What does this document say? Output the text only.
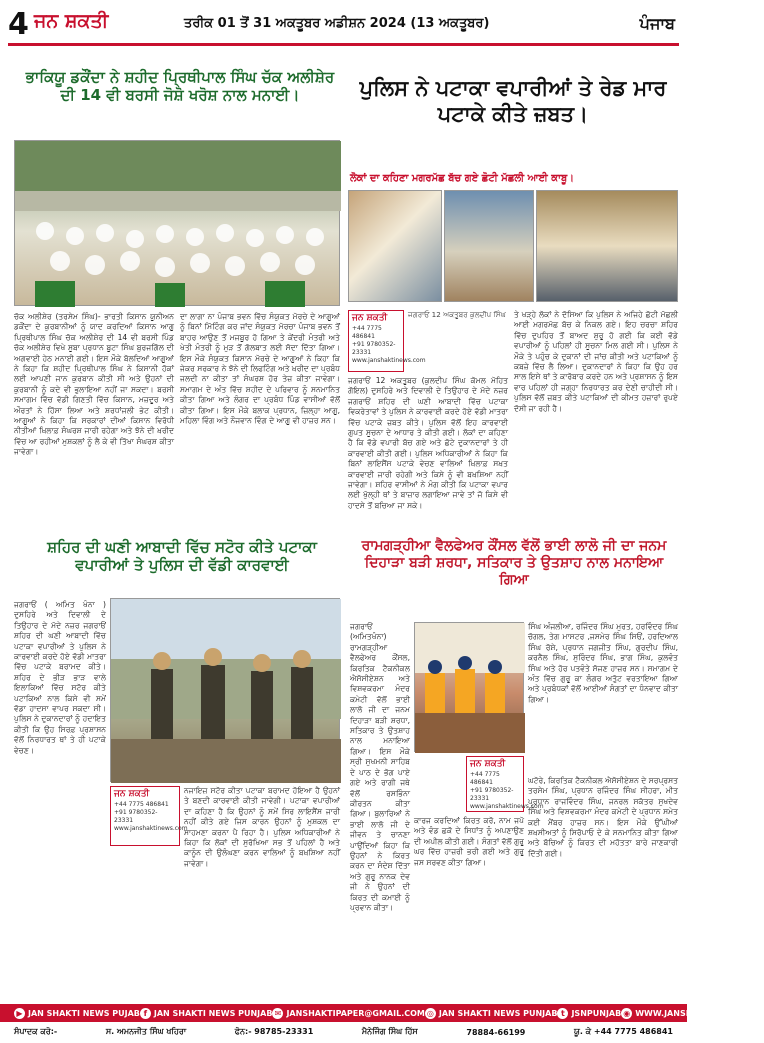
4 ਜਨ ਸ਼ਕਤੀ	ਤਰੀਕ 01 ਤੋਂ 31 ਅਕਤੂਬਰ ਅਡੀਸ਼ਨ 2024 (13 ਅਕਤੂਬਰ)	ਪੰਜਾਬ
ਭਾਕਿਯੂ ਡਕੌਂਦਾ ਨੇ ਸ਼ਹੀਦ ਪ੍ਰਿਥੀਪਾਲ ਸਿੰਘ ਚੱਕ ਅਲੀਸ਼ੇਰ ਦੀ 14 ਵੀ ਬਰਸੀ ਜੋਸ਼ੋ ਖਰੋਸ਼ ਨਾਲ ਮਨਾਈ।
ਚੱਕ ਅਲੀਸ਼ੇਰ (ਤਰਸੇਮ ਸਿੰਘ)- ਭਾਰਤੀ ਕਿਸਾਨ ਯੂਨੀਅਨ ਡਕੌਂਦਾ ਦੇ ਕੁਰਬਾਨੀਆਂ ਨੂੰ ਯਾਦ ਕਰਦਿਆਂ ਕਿਸਾਨ ਆਗੂ ਪ੍ਰਿਥੀਪਾਲ ਸਿੰਘ ਚੱਕ ਅਲੀਸ਼ੇਰ ਦੀ 14 ਵੀ ਬਰਸੀ ਪਿੰਡ ਚੱਕ ਅਲੀਸ਼ੇਰ ਵਿਖੇ ਸੂਬਾ ਪ੍ਰਧਾਨ ਬੂਟਾ ਸਿੰਘ ਬੁਰਜਗਿੱਲ ਦੀ ਅਗਵਾਈ ਹੇਠ ਮਨਾਈ ਗਈ। ਇਸ ਮੌਕੇ ਬੋਲਦਿਆਂ ਆਗੂਆਂ ਨੇ ਕਿਹਾ ਕਿ ਸ਼ਹੀਦ ਪ੍ਰਿਥੀਪਾਲ ਸਿੰਘ ਨੇ ਕਿਸਾਨੀ ਹੱਕਾਂ ਲਈ ਆਪਣੀ ਜਾਨ ਕੁਰਬਾਨ ਕੀਤੀ ਸੀ ਅਤੇ ਉਹਨਾਂ ਦੀ ਕੁਰਬਾਨੀ ਨੂੰ ਕਦੇ ਵੀ ਭੁਲਾਇਆ ਨਹੀਂ ਜਾ ਸਕਦਾ। ਬਰਸੀ ਸਮਾਗਮ ਵਿੱਚ ਵੱਡੀ ਗਿਣਤੀ ਵਿੱਚ ਕਿਸਾਨ, ਮਜ਼ਦੂਰ ਅਤੇ ਔਰਤਾਂ ਨੇ ਹਿੱਸਾ ਲਿਆ ਅਤੇ ਸ਼ਰਧਾਂਜਲੀ ਭੇਟ ਕੀਤੀ। ਆਗੂਆਂ ਨੇ ਕਿਹਾ ਕਿ ਸਰਕਾਰਾਂ ਦੀਆਂ ਕਿਸਾਨ ਵਿਰੋਧੀ ਨੀਤੀਆਂ ਖ਼ਿਲਾਫ਼ ਸੰਘਰਸ਼ ਜਾਰੀ ਰਹੇਗਾ ਅਤੇ ਝੋਨੇ ਦੀ ਖ਼ਰੀਦ ਵਿੱਚ ਆ ਰਹੀਆਂ ਮੁਸ਼ਕਲਾਂ ਨੂੰ ਲੈ ਕੇ ਵੀ ਤਿੱਖਾ ਸੰਘਰਸ਼ ਕੀਤਾ ਜਾਵੇਗਾ।
ਦਾ ਲਾਗਾ ਨਾ ਪੰਜਾਬ ਭਵਨ ਵਿੱਚ ਸੰਯੁਕਤ ਮੋਰਚੇ ਦੇ ਆਗੂਆਂ ਨੂੰ ਬਿਨਾਂ ਮਿੱਟਿੰਗ ਕਰ ਜਾਂਦ ਸੰਯੁਕਤ ਮੋਰਚਾ ਪੰਜਾਬ ਭਵਨ ਤੋਂ ਬਾਹਰ ਆਉਣ ਤੋਂ ਮਜਬੂਰ ਹੋ ਗਿਆ ਤੇ ਕੇਂਦਰੀ ਮੰਤਰੀ ਅਤੇ ਖੇਤੀ ਮੰਤਰੀ ਨੂੰ ਮੁੜ ਤੋਂ ਗੱਲਬਾਤ ਲਈ ਸੱਦਾ ਦਿੱਤਾ ਗਿਆ। ਇਸ ਮੌਕੇ ਸੰਯੁਕਤ ਕਿਸਾਨ ਮੋਰਚੇ ਦੇ ਆਗੂਆਂ ਨੇ ਕਿਹਾ ਕਿ ਜੇਕਰ ਸਰਕਾਰ ਨੇ ਝੋਨੇ ਦੀ ਲਿਫਟਿੰਗ ਅਤੇ ਖ਼ਰੀਦ ਦਾ ਪ੍ਰਬੰਧ ਜਲਦੀ ਨਾ ਕੀਤਾ ਤਾਂ ਸੰਘਰਸ਼ ਹੋਰ ਤੇਜ਼ ਕੀਤਾ ਜਾਵੇਗਾ। ਸਮਾਗਮ ਦੇ ਅੰਤ ਵਿੱਚ ਸ਼ਹੀਦ ਦੇ ਪਰਿਵਾਰ ਨੂੰ ਸਨਮਾਨਿਤ ਕੀਤਾ ਗਿਆ ਅਤੇ ਲੰਗਰ ਦਾ ਪ੍ਰਬੰਧ ਪਿੰਡ ਵਾਸੀਆਂ ਵੱਲੋਂ ਕੀਤਾ ਗਿਆ। ਇਸ ਮੌਕੇ ਬਲਾਕ ਪ੍ਰਧਾਨ, ਜ਼ਿਲ੍ਹਾ ਆਗੂ, ਮਹਿਲਾ ਵਿੰਗ ਅਤੇ ਨੌਜਵਾਨ ਵਿੰਗ ਦੇ ਆਗੂ ਵੀ ਹਾਜ਼ਰ ਸਨ।
ਪੁਲਿਸ ਨੇ ਪਟਾਕਾ ਵਪਾਰੀਆਂ ਤੇ ਰੇਡ ਮਾਰ ਪਟਾਕੇ ਕੀਤੇ ਜ਼ਬਤ।
ਲੋਕਾਂ ਦਾ ਕਹਿਣਾ ਮਗਰਮੱਛ ਬੱਚ ਗਏ ਛੋਟੀ ਮੱਛਲੀ ਆਈ ਕਾਬੂ।
ਜਨ ਸ਼ਕਤੀ
+44 7775 486841
+91 9780352-23331
www.janshaktinews.com
ਜਗਰਾਓਂ 12 ਅਕਤੂਬਰ (ਕੁਲਦੀਪ ਸਿੰਘ ਕੋਮਲ ਮੋਹਿਤ ਗੋਇਲ) ਦੁਸਹਿਰੇ ਅਤੇ ਦਿਵਾਲੀ ਦੇ ਤਿਉਹਾਰ ਦੇ ਮੱਦੇ ਨਜ਼ਰ ਜਗਰਾਓਂ ਸ਼ਹਿਰ ਦੀ ਘਣੀ ਆਬਾਦੀ ਵਿੱਚ ਪਟਾਕਾ ਵਿਕਰੇਤਾਵਾਂ ਤੇ ਪੁਲਿਸ ਨੇ ਕਾਰਵਾਈ ਕਰਦੇ ਹੋਏ ਵੱਡੀ ਮਾਤਰਾ ਵਿੱਚ ਪਟਾਕੇ ਜ਼ਬਤ ਕੀਤੇ। ਪੁਲਿਸ ਵੱਲੋਂ ਇਹ ਕਾਰਵਾਈ ਗੁਪਤ ਸੂਚਨਾ ਦੇ ਆਧਾਰ ਤੇ ਕੀਤੀ ਗਈ। ਲੋਕਾਂ ਦਾ ਕਹਿਣਾ ਹੈ ਕਿ ਵੱਡੇ ਵਪਾਰੀ ਬੱਚ ਗਏ ਅਤੇ ਛੋਟੇ ਦੁਕਾਨਦਾਰਾਂ ਤੇ ਹੀ ਕਾਰਵਾਈ ਕੀਤੀ ਗਈ। ਪੁਲਿਸ ਅਧਿਕਾਰੀਆਂ ਨੇ ਕਿਹਾ ਕਿ ਬਿਨਾਂ ਲਾਇਸੈਂਸ ਪਟਾਕੇ ਵੇਚਣ ਵਾਲਿਆਂ ਖ਼ਿਲਾਫ਼ ਸਖ਼ਤ ਕਾਰਵਾਈ ਜਾਰੀ ਰਹੇਗੀ ਅਤੇ ਕਿਸੇ ਨੂੰ ਵੀ ਬਖ਼ਸ਼ਿਆ ਨਹੀਂ ਜਾਵੇਗਾ। ਸ਼ਹਿਰ ਵਾਸੀਆਂ ਨੇ ਮੰਗ ਕੀਤੀ ਕਿ ਪਟਾਕਾ ਵਪਾਰ ਲਈ ਖੁੱਲ੍ਹੀ ਥਾਂ ਤੇ ਬਾਜ਼ਾਰ ਲਗਾਇਆ ਜਾਵੇ ਤਾਂ ਜੋ ਕਿਸੇ ਵੀ ਹਾਦਸੇ ਤੋਂ ਬਚਿਆ ਜਾ ਸਕੇ।
ਜਗਰਾਓਂ 12 ਅਕਤੂਬਰ ਕੁਲਦੀਪ ਸਿੰਘ ਤੇ ਖੜ੍ਹੇ ਲੋਕਾਂ ਨੇ ਦੱਸਿਆ ਕਿ ਪੁਲਿਸ ਨੇ ਅਜਿਹੇ ਛੋਟੀ ਮੱਛਲੀ ਆਈ ਮਗਰਮੱਛ ਬੱਚ ਕੇ ਨਿਕਲ ਗਏ। ਇਹ ਚਰਚਾ ਸ਼ਹਿਰ ਵਿੱਚ ਦੁਪਹਿਰ ਤੋਂ ਬਾਅਦ ਸ਼ੁਰੂ ਹੋ ਗਈ ਕਿ ਕਈ ਵੱਡੇ ਵਪਾਰੀਆਂ ਨੂੰ ਪਹਿਲਾਂ ਹੀ ਸੂਚਨਾ ਮਿਲ ਗਈ ਸੀ। ਪੁਲਿਸ ਨੇ ਮੌਕੇ ਤੇ ਪਹੁੰਚ ਕੇ ਦੁਕਾਨਾਂ ਦੀ ਜਾਂਚ ਕੀਤੀ ਅਤੇ ਪਟਾਕਿਆਂ ਨੂੰ ਕਬਜ਼ੇ ਵਿੱਚ ਲੈ ਲਿਆ। ਦੁਕਾਨਦਾਰਾਂ ਨੇ ਕਿਹਾ ਕਿ ਉਹ ਹਰ ਸਾਲ ਇਸੇ ਥਾਂ ਤੇ ਕਾਰੋਬਾਰ ਕਰਦੇ ਹਨ ਅਤੇ ਪ੍ਰਸ਼ਾਸਨ ਨੂੰ ਇਸ ਵਾਰ ਪਹਿਲਾਂ ਹੀ ਜਗ੍ਹਾ ਨਿਰਧਾਰਤ ਕਰ ਦੇਣੀ ਚਾਹੀਦੀ ਸੀ। ਪੁਲਿਸ ਵੱਲੋਂ ਜ਼ਬਤ ਕੀਤੇ ਪਟਾਕਿਆਂ ਦੀ ਕੀਮਤ ਹਜ਼ਾਰਾਂ ਰੁਪਏ ਦੱਸੀ ਜਾ ਰਹੀ ਹੈ।
ਸ਼ਹਿਰ ਦੀ ਘਣੀ ਆਬਾਦੀ ਵਿੱਚ ਸਟੋਰ ਕੀਤੇ ਪਟਾਕਾ ਵਪਾਰੀਆਂ ਤੇ ਪੁਲਿਸ ਦੀ ਵੱਡੀ ਕਾਰਵਾਈ
ਜਨ ਸ਼ਕਤੀ
+44 7775 486841
+91 9780352-23331
www.janshaktinews.com
ਜਗਰਾਓਂ ( ਅਮਿਤ ਖੰਨਾ ) ਦੁਸਹਿਰੇ ਅਤੇ ਦਿਵਾਲੀ ਦੇ ਤਿਉਹਾਰ ਦੇ ਮੱਦੇ ਨਜ਼ਰ ਜਗਰਾਓਂ ਸ਼ਹਿਰ ਦੀ ਘਣੀ ਆਬਾਦੀ ਵਿੱਚ ਪਟਾਕਾ ਵਪਾਰੀਆਂ ਤੇ ਪੁਲਿਸ ਨੇ ਕਾਰਵਾਈ ਕਰਦੇ ਹੋਏ ਵੱਡੀ ਮਾਤਰਾ ਵਿੱਚ ਪਟਾਕੇ ਬਰਾਮਦ ਕੀਤੇ। ਸ਼ਹਿਰ ਦੇ ਭੀੜ ਭਾੜ ਵਾਲੇ ਇਲਾਕਿਆਂ ਵਿੱਚ ਸਟੋਰ ਕੀਤੇ ਪਟਾਕਿਆਂ ਨਾਲ ਕਿਸੇ ਵੀ ਸਮੇਂ ਵੱਡਾ ਹਾਦਸਾ ਵਾਪਰ ਸਕਦਾ ਸੀ। ਪੁਲਿਸ ਨੇ ਦੁਕਾਨਦਾਰਾਂ ਨੂੰ ਹਦਾਇਤ ਕੀਤੀ ਕਿ ਉਹ ਸਿਰਫ਼ ਪ੍ਰਸ਼ਾਸਨ ਵੱਲੋਂ ਨਿਰਧਾਰਤ ਥਾਂ ਤੇ ਹੀ ਪਟਾਕੇ ਵੇਚਣ।
ਨਜਾਇਜ਼ ਸਟੋਰ ਕੀਤਾ ਪਟਾਕਾ ਬਰਾਮਦ ਹੋਇਆ ਹੈ ਉਹਨਾਂ ਤੇ ਬਣਦੀ ਕਾਰਵਾਈ ਕੀਤੀ ਜਾਵੇਗੀ। ਪਟਾਕਾ ਵਪਾਰੀਆਂ ਦਾ ਕਹਿਣਾ ਹੈ ਕਿ ਉਹਨਾਂ ਨੂੰ ਸਮੇਂ ਸਿਰ ਲਾਇਸੈਂਸ ਜਾਰੀ ਨਹੀਂ ਕੀਤੇ ਗਏ ਜਿਸ ਕਾਰਨ ਉਹਨਾਂ ਨੂੰ ਮੁਸ਼ਕਲ ਦਾ ਸਾਹਮਣਾ ਕਰਨਾ ਪੈ ਰਿਹਾ ਹੈ। ਪੁਲਿਸ ਅਧਿਕਾਰੀਆਂ ਨੇ ਕਿਹਾ ਕਿ ਲੋਕਾਂ ਦੀ ਸੁਰੱਖਿਆ ਸਭ ਤੋਂ ਪਹਿਲਾਂ ਹੈ ਅਤੇ ਕਾਨੂੰਨ ਦੀ ਉਲੰਘਣਾ ਕਰਨ ਵਾਲਿਆਂ ਨੂੰ ਬਖ਼ਸ਼ਿਆ ਨਹੀਂ ਜਾਵੇਗਾ।
ਰਾਮਗੜ੍ਹੀਆ ਵੈਲਫੇਅਰ ਕੌਂਸਲ ਵੱਲੋਂ ਭਾਈ ਲਾਲੋ ਜੀ ਦਾ ਜਨਮ ਦਿਹਾੜਾ ਬੜੀ ਸ਼ਰਧਾ, ਸਤਿਕਾਰ ਤੇ ਉਤਸ਼ਾਹ ਨਾਲ ਮਨਾਇਆ ਗਿਆ
ਜਨ ਸ਼ਕਤੀ
+44 7775 486841
+91 9780352-23331
www.janshaktinews.com
ਜਗਰਾਓਂ (ਅਮਿਤਖੰਨਾ) ਰਾਮਗੜ੍ਹੀਆ ਵੈਲਫੇਅਰ ਕੌਂਸਲ, ਕਿਰਤਿਕ ਟੈਕਨੀਕਲ ਐਸੋਸੀਏਸ਼ਨ ਅਤੇ ਵਿਸ਼ਵਕਰਮਾ ਮੰਦਰ ਕਮੇਟੀ ਵੱਲੋਂ ਭਾਈ ਲਾਲੋ ਜੀ ਦਾ ਜਨਮ ਦਿਹਾੜਾ ਬੜੀ ਸ਼ਰਧਾ, ਸਤਿਕਾਰ ਤੇ ਉਤਸ਼ਾਹ ਨਾਲ ਮਨਾਇਆ ਗਿਆ। ਇਸ ਮੌਕੇ ਸ੍ਰੀ ਸੁਖਮਨੀ ਸਾਹਿਬ ਦੇ ਪਾਠ ਦੇ ਭੋਗ ਪਾਏ ਗਏ ਅਤੇ ਰਾਗੀ ਜਥੇ ਵੱਲੋਂ ਰਸਭਿੰਨਾ ਕੀਰਤਨ ਕੀਤਾ ਗਿਆ। ਬੁਲਾਰਿਆਂ ਨੇ ਭਾਈ ਲਾਲੋ ਜੀ ਦੇ ਜੀਵਨ ਤੇ ਚਾਨਣਾ ਪਾਉਂਦਿਆਂ ਕਿਹਾ ਕਿ ਉਹਨਾਂ ਨੇ ਕਿਰਤ ਕਰਨ ਦਾ ਸੰਦੇਸ਼ ਦਿੱਤਾ ਅਤੇ ਗੁਰੂ ਨਾਨਕ ਦੇਵ ਜੀ ਨੇ ਉਹਨਾਂ ਦੀ ਕਿਰਤ ਦੀ ਕਮਾਈ ਨੂੰ ਪ੍ਰਵਾਨ ਕੀਤਾ।
ਕਾਰਜ ਕਰਦਿਆਂ ਕਿਰਤ ਕਰੋ, ਨਾਮ ਜਪੋ ਅਤੇ ਵੰਡ ਛਕੋ ਦੇ ਸਿਧਾਂਤ ਨੂੰ ਅਪਣਾਉਣ ਦੀ ਅਪੀਲ ਕੀਤੀ ਗਈ। ਸੰਗਤਾਂ ਵੱਲੋਂ ਗੁਰੂ ਘਰ ਵਿੱਚ ਹਾਜ਼ਰੀ ਭਰੀ ਗਈ ਅਤੇ ਗੁਰੂ ਜਸ ਸਰਵਣ ਕੀਤਾ ਗਿਆ।
ਸਿੰਘ ਅੰਜਲੀਆ, ਰਜਿੰਦਰ ਸਿੰਘ ਮੁਰਤ, ਹਰਵਿੰਦਰ ਸਿੰਘ ਚੱਗਲ, ਤੇਗ ਮਾਸਟਰ ,ਜਸਮੇਰ ਸਿੰਘ ਸਿਓਂ, ਹਰਦਿਆਲ ਸਿੰਘ ਰੋਸ਼ੇ, ਪ੍ਰਧਾਨ ਜਗਜੀਤ ਸਿੰਘ, ਗੁਰਦੀਪ ਸਿੰਘ, ਕਰਨੈਲ ਸਿੰਘ, ਸੁਰਿੰਦਰ ਸਿੰਘ, ਭਾਗ ਸਿੰਘ, ਕੁਲਵੰਤ ਸਿੰਘ ਅਤੇ ਹੋਰ ਪਤਵੰਤੇ ਸੱਜਣ ਹਾਜ਼ਰ ਸਨ। ਸਮਾਗਮ ਦੇ ਅੰਤ ਵਿੱਚ ਗੁਰੂ ਕਾ ਲੰਗਰ ਅਤੁੱਟ ਵਰਤਾਇਆ ਗਿਆ ਅਤੇ ਪ੍ਰਬੰਧਕਾਂ ਵੱਲੋਂ ਆਈਆਂ ਸੰਗਤਾਂ ਦਾ ਧੰਨਵਾਦ ਕੀਤਾ ਗਿਆ।
ਘਟੋਰੇ, ਕਿਰਤਿਕ ਟੈਕਨੀਕਲ ਐਸੋਸੀਏਸ਼ਨ ਦੇ ਸਰਪ੍ਰਸਤ ਤਰਸੇਮ ਸਿੰਘ, ਪ੍ਰਧਾਨ ਰਜਿੰਦਰ ਸਿੰਘ ਸੀਹਰਾ, ਮੀਤ ਪ੍ਰਧਾਨ ਰਾਜਵਿੰਦਰ ਸਿੰਘ, ਜਨਰਲ ਸਕੱਤਰ ਸੁਖਦੇਵ ਸਿੰਘ ਅਤੇ ਵਿਸ਼ਵਕਰਮਾ ਮੰਦਰ ਕਮੇਟੀ ਦੇ ਪ੍ਰਧਾਨ ਸਮੇਤ ਕਈ ਮੈਂਬਰ ਹਾਜ਼ਰ ਸਨ। ਇਸ ਮੌਕੇ ਉੱਘੀਆਂ ਸ਼ਖ਼ਸੀਅਤਾਂ ਨੂੰ ਸਿਰੋਪਾਓ ਦੇ ਕੇ ਸਨਮਾਨਿਤ ਕੀਤਾ ਗਿਆ ਅਤੇ ਬੱਚਿਆਂ ਨੂੰ ਕਿਰਤ ਦੀ ਮਹੱਤਤਾ ਬਾਰੇ ਜਾਣਕਾਰੀ ਦਿੱਤੀ ਗਈ।
▶ JAN SHAKTI NEWS PUJAB f JAN SHAKTI NEWS PUNJAB ✉ JANSHAKTIPAPER@GMAIL.COM ◎ JAN SHAKTI NEWS PUNJAB t JSNPUNJAB ◉ WWW.JANSHAKTINEWS.COM
ਸੰਪਾਦਕ ਕਰੋ:-	ਸ. ਅਮਨਜੀਤ ਸਿੰਘ ਖਹਿਰਾ	ਫੋਨ:- 98785-23331	ਮੈਨੇਜਿੰਗ ਸਿੰਘ ਹਿੱਸ	78884-66199	ਯੂ. ਕੇ +44 7775 486841
